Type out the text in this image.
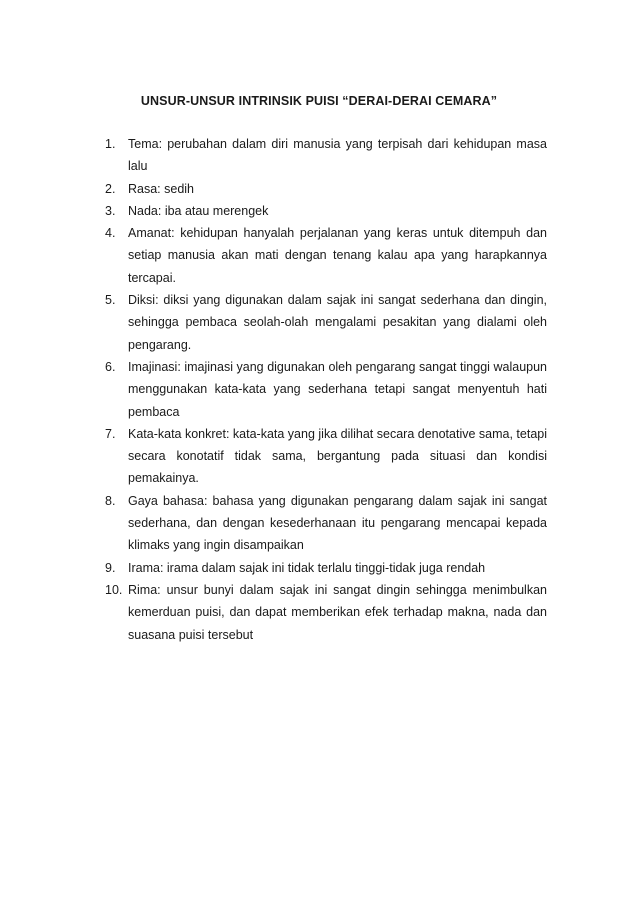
UNSUR-UNSUR INTRINSIK PUISI “DERAI-DERAI CEMARA”
1. Tema: perubahan dalam diri manusia yang terpisah dari kehidupan masa lalu
2. Rasa: sedih
3. Nada: iba atau merengek
4. Amanat: kehidupan hanyalah perjalanan yang keras untuk ditempuh dan setiap manusia akan mati dengan tenang kalau apa yang harapkannya tercapai.
5. Diksi: diksi yang digunakan dalam sajak ini sangat sederhana dan dingin, sehingga pembaca seolah-olah mengalami pesakitan yang dialami oleh pengarang.
6. Imajinasi: imajinasi yang digunakan oleh pengarang sangat tinggi walaupun menggunakan kata-kata yang sederhana tetapi sangat menyentuh hati pembaca
7. Kata-kata konkret: kata-kata yang jika dilihat secara denotative sama, tetapi secara konotatif tidak sama, bergantung pada situasi dan kondisi pemakainya.
8. Gaya bahasa: bahasa yang digunakan pengarang dalam sajak ini sangat sederhana, dan dengan kesederhanaan itu pengarang mencapai kepada klimaks yang ingin disampaikan
9. Irama: irama dalam sajak ini tidak terlalu tinggi-tidak juga rendah
10. Rima: unsur bunyi dalam sajak ini sangat dingin sehingga menimbulkan kemerduan puisi, dan dapat memberikan efek terhadap makna, nada dan suasana puisi tersebut
